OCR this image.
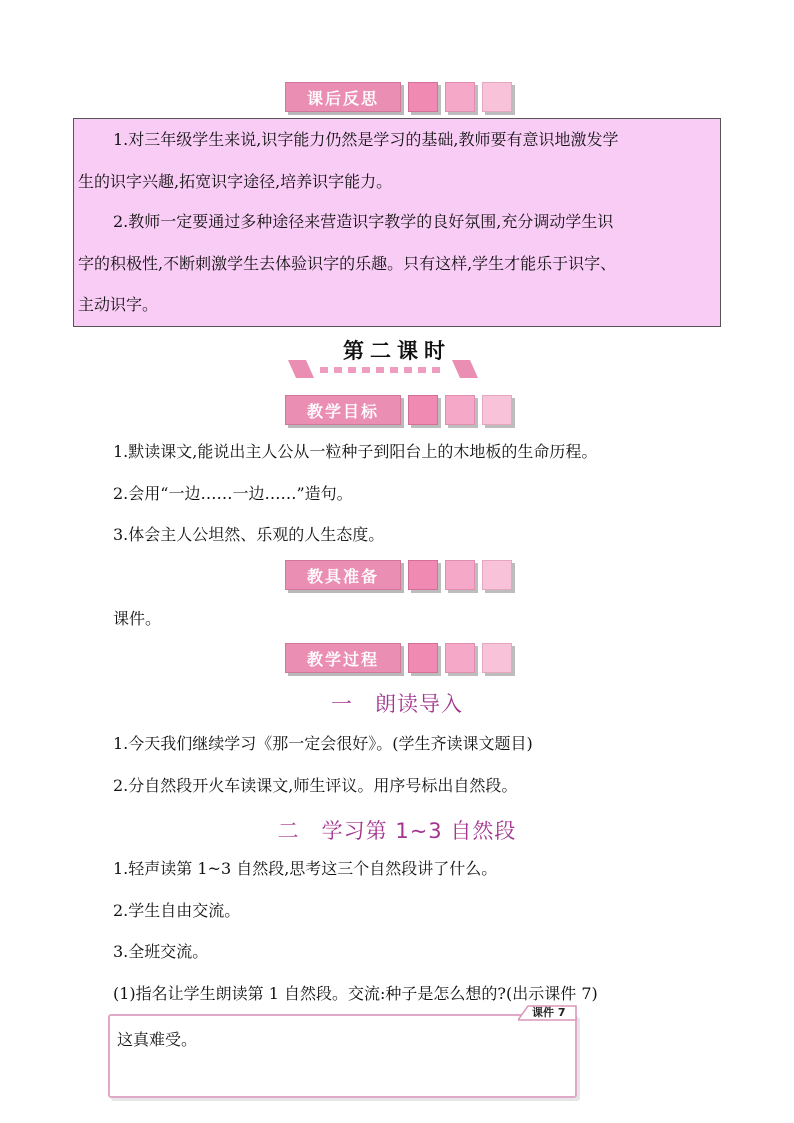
课后反思
1.对三年级学生来说,识字能力仍然是学习的基础,教师要有意识地激发学
生的识字兴趣,拓宽识字途径,培养识字能力。
2.教师一定要通过多种途径来营造识字教学的良好氛围,充分调动学生识
字的积极性,不断刺激学生去体验识字的乐趣。只有这样,学生才能乐于识字、
主动识字。
第二课时
教学目标
1.默读课文,能说出主人公从一粒种子到阳台上的木地板的生命历程。
2.会用“一边……一边……”造句。
3.体会主人公坦然、乐观的人生态度。
教具准备
课件。
教学过程
一　朗读导入
1.今天我们继续学习《那一定会很好》。(学生齐读课文题目)
2.分自然段开火车读课文,师生评议。用序号标出自然段。
二　学习第 1~3 自然段
1.轻声读第 1~3 自然段,思考这三个自然段讲了什么。
2.学生自由交流。
3.全班交流。
(1)指名让学生朗读第 1 自然段。交流:种子是怎么想的?(出示课件 7)
课件 7
这真难受。
